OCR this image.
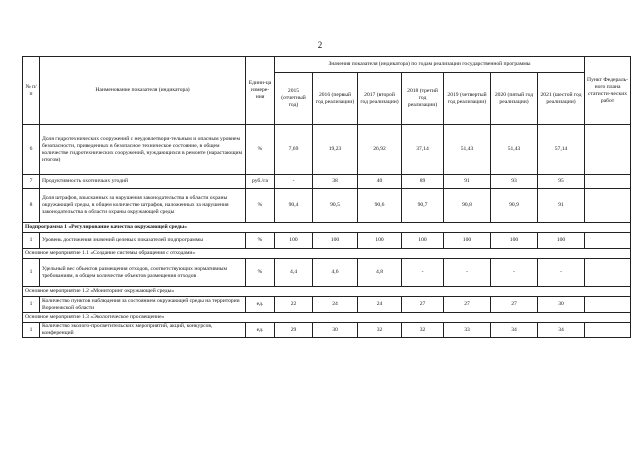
2
№ п/п	Наименование показателя (индикатора)	Едини-ца измере-ния	Значения показателя (индикатора) по годам реализации государственной программы							Пункт Федераль-ного плана статисти-ческих работ
			2015 (отчетный год)	2016 (первый год реализации)	2017 (второй год реализации)	2018 (третий год реализации)	2019 (четвертый год реализации)	2020 (пятый год реализации)	2021 (шестой год реализации)	
6	Доля гидротехнических сооружений с неудовлетвори-тельным и опасным уровнем безопасности, приведенных в безопасное техническое состояние, в общем количестве гидротехнических сооружений, нуждающихся в ремонте (нарастающим итогом)	%	7,69	19,23	26,92	37,14	51,43	51,43	57,14	
7	Продуктивность охотничьих угодий	руб./га	-	38	40	89	91	93	95	
8	Доля штрафов, взысканных за нарушения законодательства в области охраны окружающей среды, в общем количестве штрафов, наложенных за нарушения законодательства в области охраны окружающей среды	%	90,4	90,5	90,6	90,7	90,8	90,9	91	
Подпрограмма 1 «Регулирование качества окружающей среды»										
1	Уровень достижения значений целевых показателей подпрограммы	%	100	100	100	100	100	100	100	
Основное мероприятие 1.1 «Создание системы обращения с отходами»										
1	Удельный вес объектов размещения отходов, соответствующих нормативным требованиям, в общем количестве объектов размещения отходов	%	4,4	4,6	4,8	-	-	-	-	
Основное мероприятие 1.2 «Мониторинг окружающей среды»										
1	Количество пунктов наблюдения за состоянием окружающей среды на территории Воронежской области	ед.	22	24	24	27	27	27	30	
Основное мероприятие 1.3 «Экологическое просвещение»										
1	Количество эколого-просветительских мероприятий, акций, конкурсов, конференций	ед.	29	30	32	32	33	34	34	
